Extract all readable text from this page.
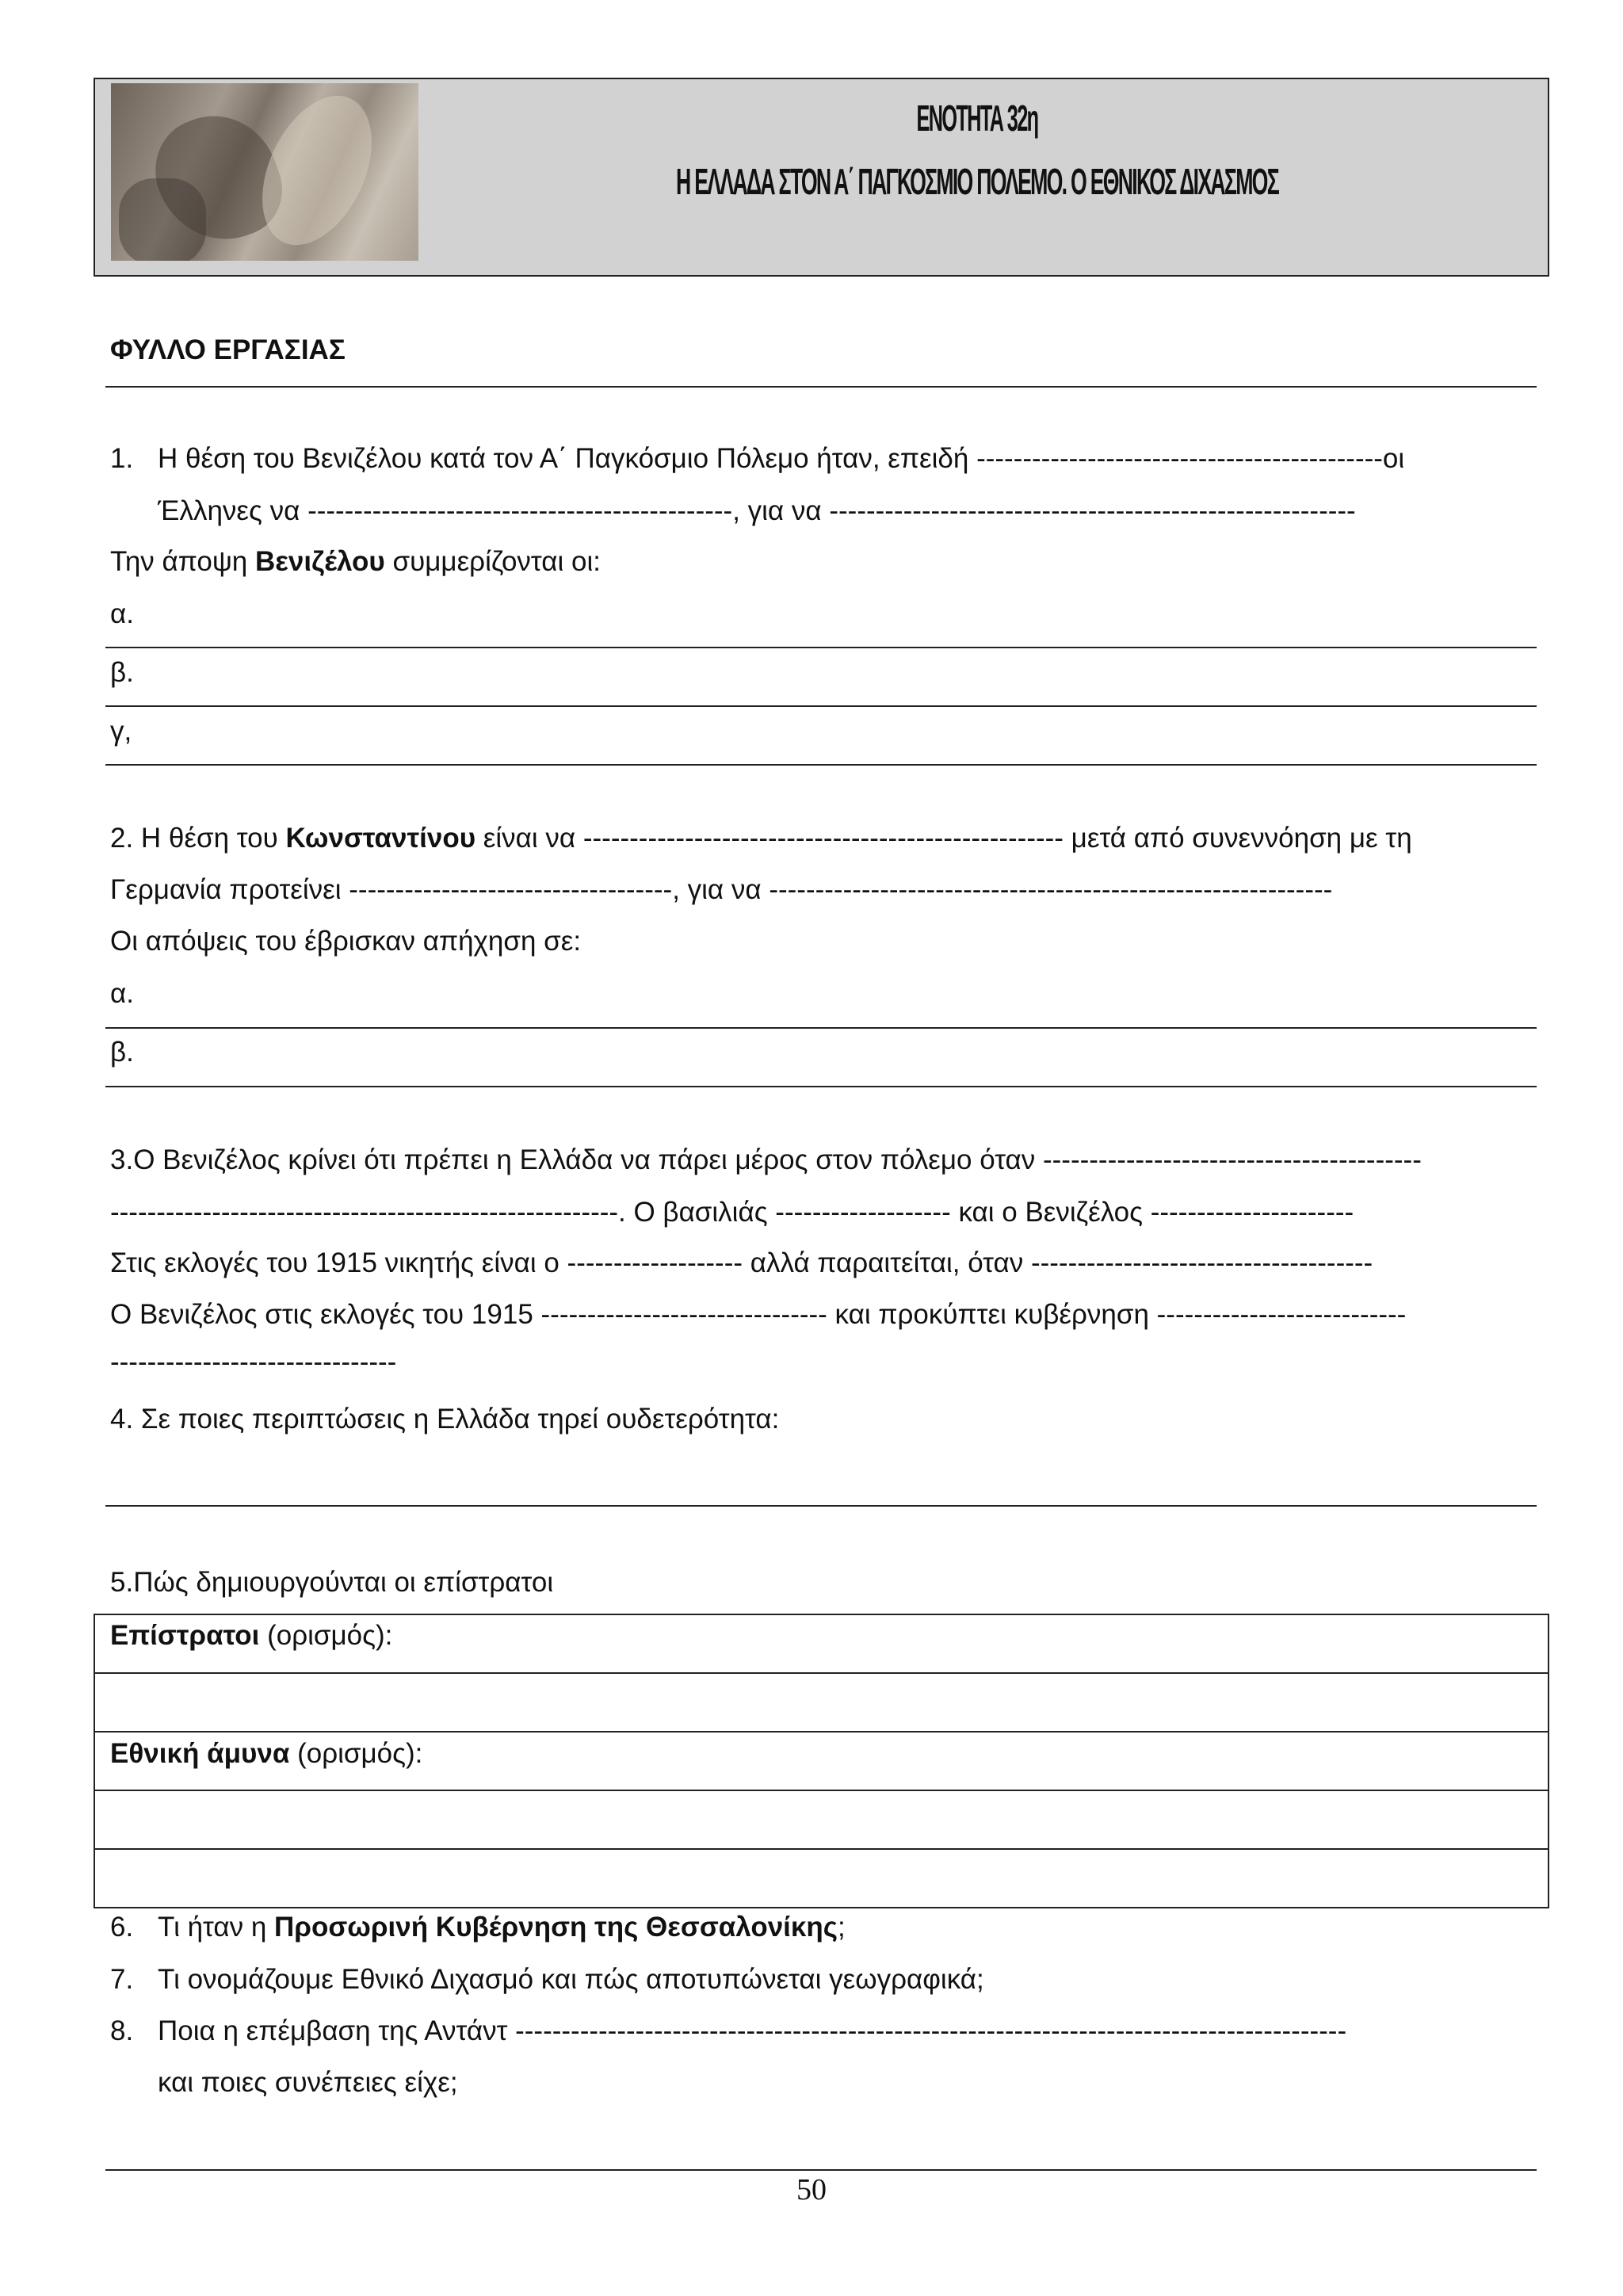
ΕΝΟΤΗΤΑ 32η
Η ΕΛΛΑΔΑ ΣΤΟΝ Α΄ ΠΑΓΚΟΣΜΙΟ ΠΟΛΕΜΟ. Ο ΕΘΝΙΚΟΣ ΔΙΧΑΣΜΟΣ
ΦΥΛΛΟ ΕΡΓΑΣΙΑΣ
1. Η θέση του Βενιζέλου κατά τον Α΄ Παγκόσμιο Πόλεμο ήταν, επειδή --------------------------------------------οι
Έλληνες να ----------------------------------------------, για να ---------------------------------------------------------
Την άποψη Βενιζέλου συμμερίζονται οι:
α.
β.
γ,
2. Η θέση του Κωνσταντίνου είναι να ---------------------------------------------------- μετά από συνεννόηση με τη
Γερμανία προτείνει -----------------------------------, για να -------------------------------------------------------------
Οι απόψεις του έβρισκαν απήχηση σε:
α.
β.
3.Ο Βενιζέλος κρίνει ότι πρέπει η Ελλάδα να πάρει μέρος στον πόλεμο όταν -----------------------------------------
-------------------------------------------------------. Ο βασιλιάς ------------------- και ο Βενιζέλος ----------------------
Στις εκλογές του 1915 νικητής είναι ο ------------------- αλλά παραιτείται, όταν -------------------------------------
Ο Βενιζέλος στις εκλογές του 1915 ------------------------------- και προκύπτει κυβέρνηση ---------------------------
-------------------------------
4. Σε ποιες περιπτώσεις η Ελλάδα τηρεί ουδετερότητα:
5.Πώς δημιουργούνται οι επίστρατοι
Επίστρατοι (ορισμός):
Εθνική άμυνα (ορισμός):
6. Τι ήταν η Προσωρινή Κυβέρνηση της Θεσσαλονίκης;
7. Τι ονομάζουμε Εθνικό Διχασμό και πώς αποτυπώνεται γεωγραφικά;
8. Ποια η επέμβαση της Αντάντ ------------------------------------------------------------------------------------------
και ποιες συνέπειες είχε;
50
